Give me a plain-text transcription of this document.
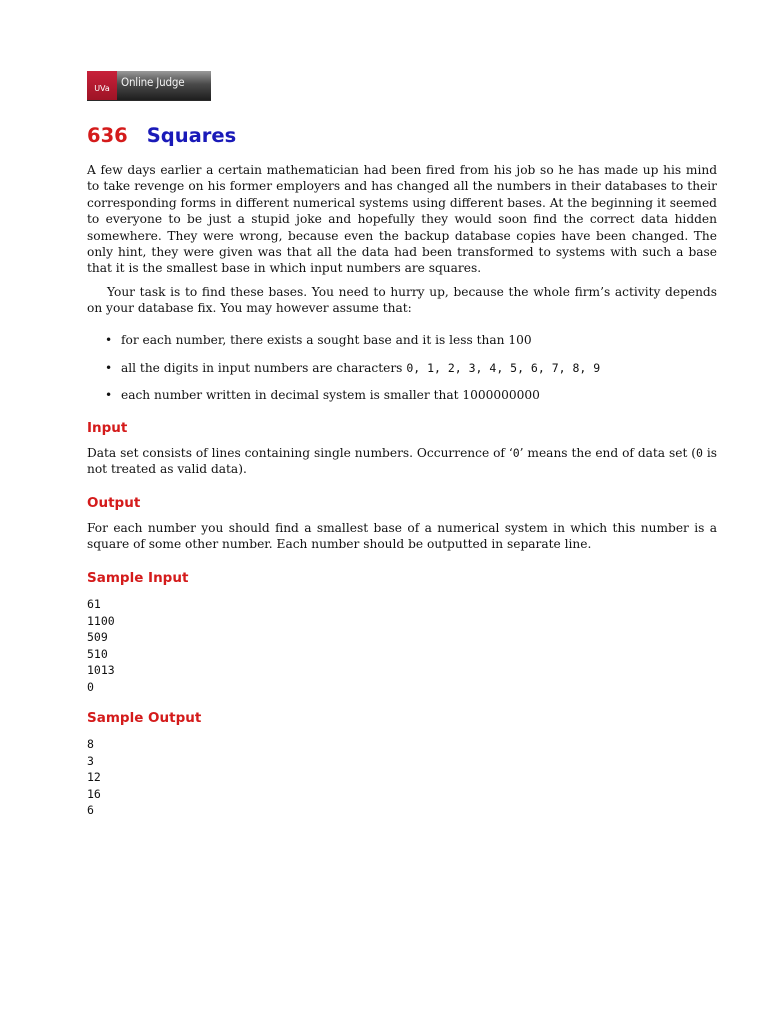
UVa Online Judge
636 Squares

A few days earlier a certain mathematician had been fired from his job so he has made up his mind to take revenge on his former employers and has changed all the numbers in their databases to their corresponding forms in different numerical systems using different bases. At the beginning it seemed to everyone to be just a stupid joke and hopefully they would soon find the correct data hidden somewhere. They were wrong, because even the backup database copies have been changed. The only hint, they were given was that all the data had been transformed to systems with such a base that it is the smallest base in which input numbers are squares.

Your task is to find these bases. You need to hurry up, because the whole firm’s activity depends on your database fix. You may however assume that:

• for each number, there exists a sought base and it is less than 100
• all the digits in input numbers are characters 0, 1, 2, 3, 4, 5, 6, 7, 8, 9
• each number written in decimal system is smaller that 1000000000
Input

Data set consists of lines containing single numbers. Occurrence of ‘0’ means the end of data set (0 is not treated as valid data).

Output

For each number you should find a smallest base of a numerical system in which this number is a square of some other number. Each number should be outputted in separate line.

Sample Input
61
1100
509
510
1013
0
Sample Output
8
3
12
16
6
